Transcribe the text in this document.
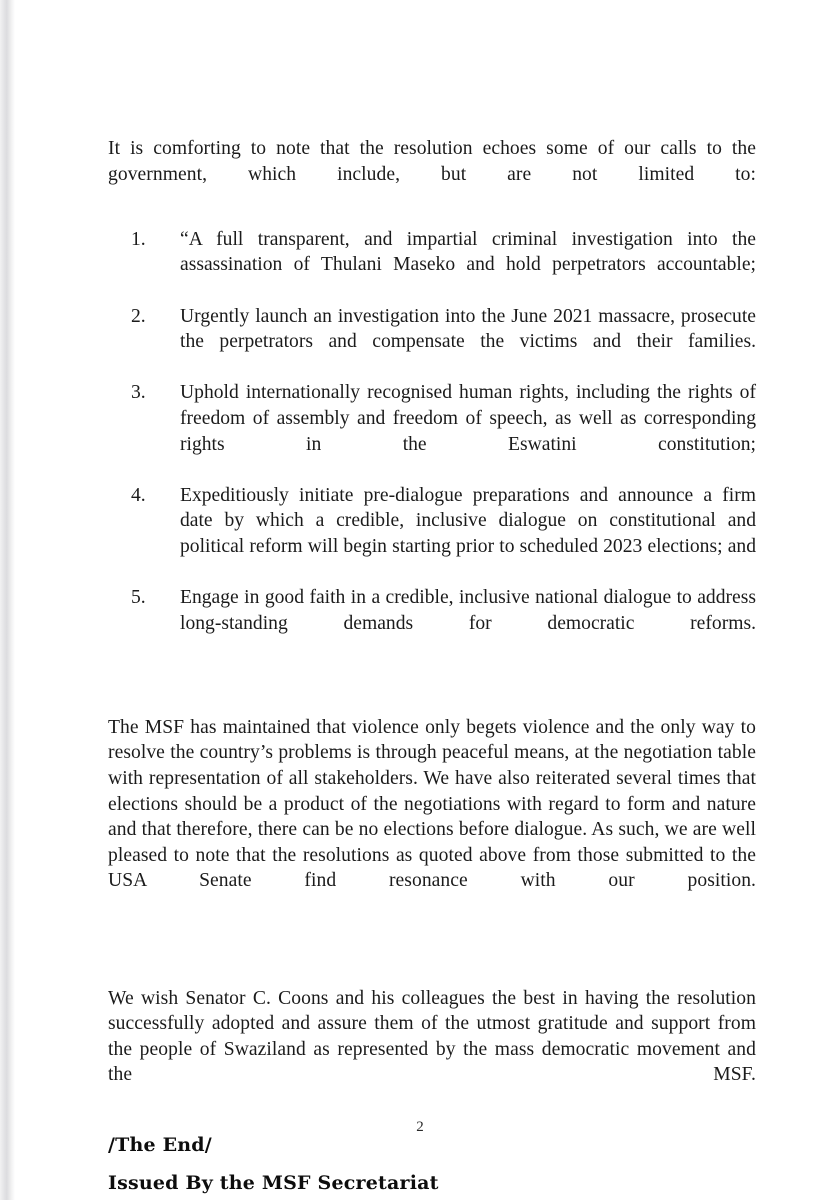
It is comforting to note that the resolution echoes some of our calls to the government, which include, but are not limited to:

“A full transparent, and impartial criminal investigation into the assassination of Thulani Maseko and hold perpetrators accountable;
Urgently launch an investigation into the June 2021 massacre, prosecute the perpetrators and compensate the victims and their families.
Uphold internationally recognised human rights, including the rights of freedom of assembly and freedom of speech, as well as corresponding rights in the Eswatini constitution;
Expeditiously initiate pre-dialogue preparations and announce a firm date by which a credible, inclusive dialogue on constitutional and political reform will begin starting prior to scheduled 2023 elections; and
Engage in good faith in a credible, inclusive national dialogue to address long-standing demands for democratic reforms.

The MSF has maintained that violence only begets violence and the only way to resolve the country’s problems is through peaceful means, at the negotiation table with representation of all stakeholders. We have also reiterated several times that elections should be a product of the negotiations with regard to form and nature and that therefore, there can be no elections before dialogue. As such, we are well pleased to note that the resolutions as quoted above from those submitted to the USA Senate find resonance with our position.

We wish Senator C. Coons and his colleagues the best in having the resolution successfully adopted and assure them of the utmost gratitude and support from the people of Swaziland as represented by the mass democratic movement and the MSF.

/The End/

Issued By the MSF Secretariat

2
